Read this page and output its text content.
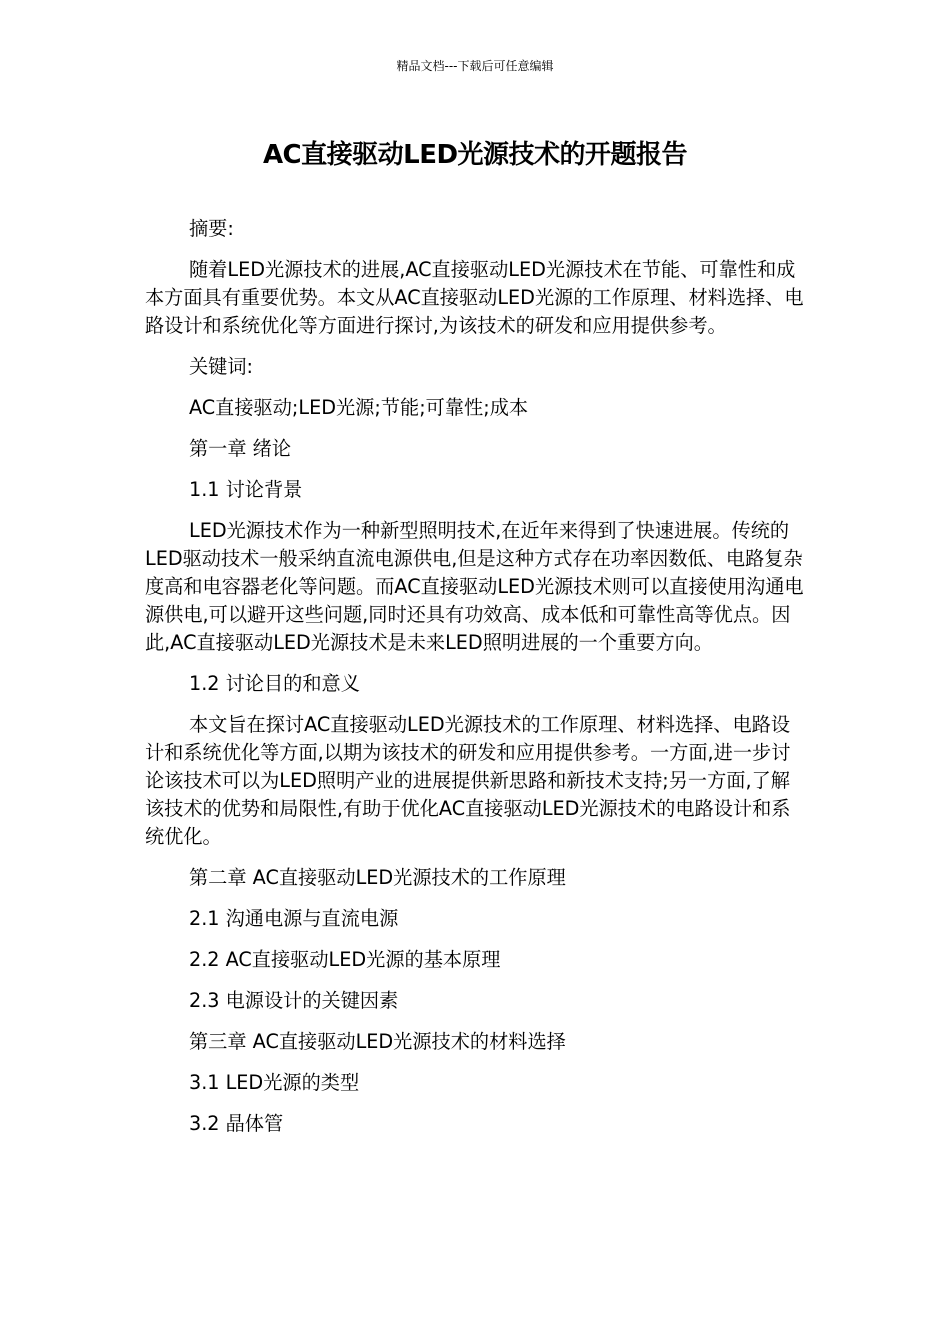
精品文档---下载后可任意编辑
AC直接驱动LED光源技术的开题报告

摘要:

随着LED光源技术的进展,AC直接驱动LED光源技术在节能、可靠性和成本方面具有重要优势。本文从AC直接驱动LED光源的工作原理、材料选择、电路设计和系统优化等方面进行探讨,为该技术的研发和应用提供参考。

关键词:

AC直接驱动;LED光源;节能;可靠性;成本

第一章 绪论

1.1 讨论背景

LED光源技术作为一种新型照明技术,在近年来得到了快速进展。传统的LED驱动技术一般采纳直流电源供电,但是这种方式存在功率因数低、电路复杂度高和电容器老化等问题。而AC直接驱动LED光源技术则可以直接使用沟通电源供电,可以避开这些问题,同时还具有功效高、成本低和可靠性高等优点。因此,AC直接驱动LED光源技术是未来LED照明进展的一个重要方向。

1.2 讨论目的和意义

本文旨在探讨AC直接驱动LED光源技术的工作原理、材料选择、电路设计和系统优化等方面,以期为该技术的研发和应用提供参考。一方面,进一步讨论该技术可以为LED照明产业的进展提供新思路和新技术支持;另一方面,了解该技术的优势和局限性,有助于优化AC直接驱动LED光源技术的电路设计和系统优化。

第二章 AC直接驱动LED光源技术的工作原理

2.1 沟通电源与直流电源

2.2 AC直接驱动LED光源的基本原理

2.3 电源设计的关键因素

第三章 AC直接驱动LED光源技术的材料选择

3.1 LED光源的类型

3.2 晶体管
